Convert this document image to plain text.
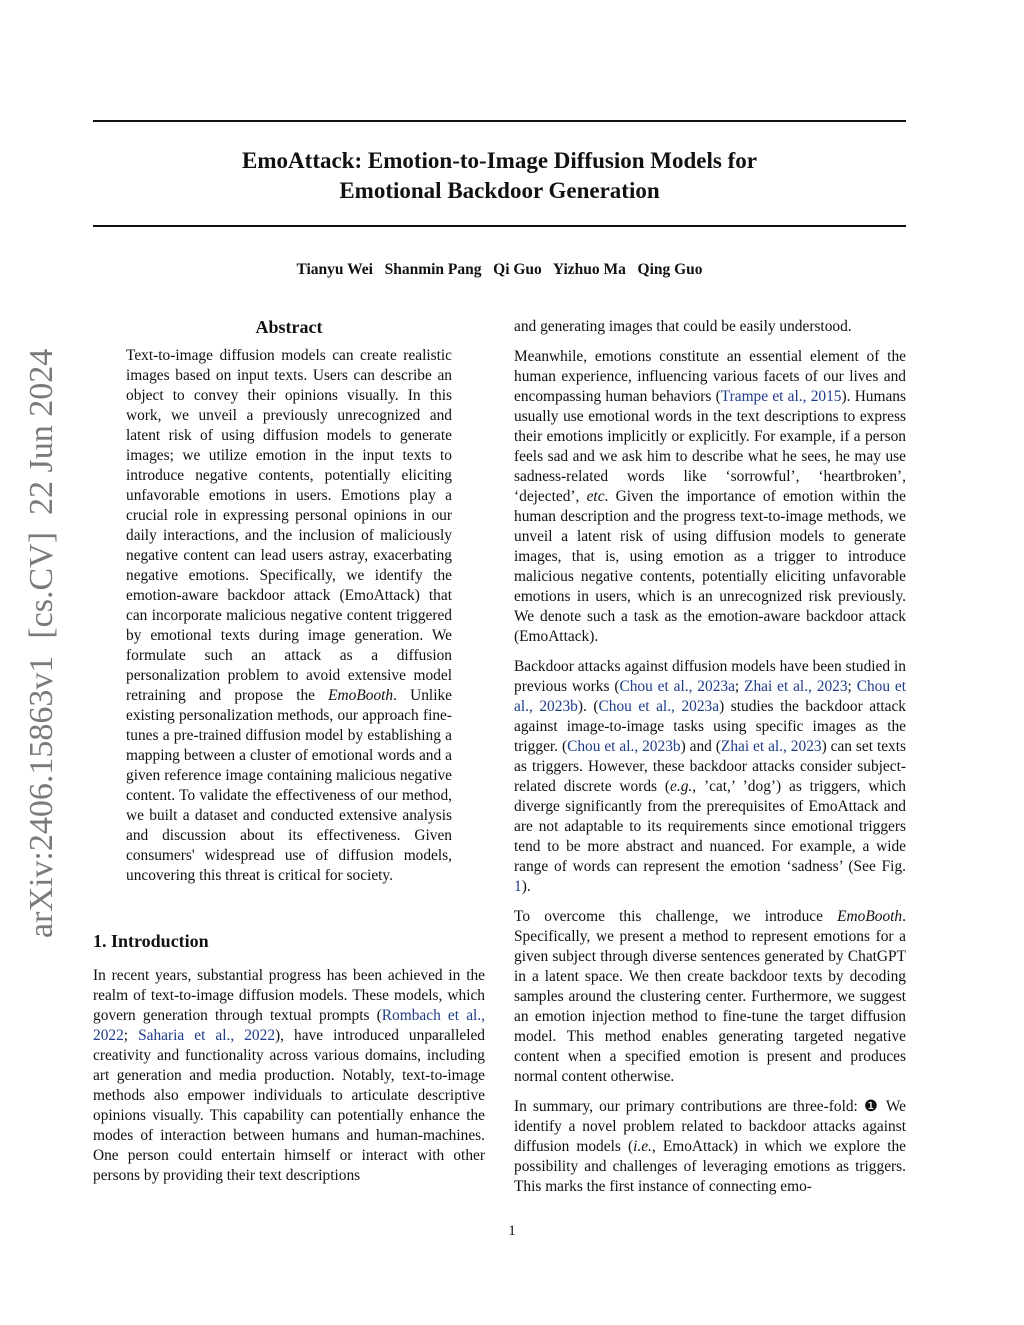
EmoAttack: Emotion-to-Image Diffusion Models for
Emotional Backdoor Generation
Tianyu Wei   Shanmin Pang   Qi Guo   Yizhuo Ma   Qing Guo
arXiv:2406.15863v1  [cs.CV]  22 Jun 2024
Abstract
Text-to-image diffusion models can create realistic images based on input texts. Users can describe an object to convey their opinions visually. In this work, we unveil a previously unrecognized and latent risk of using diffusion models to generate images; we utilize emotion in the input texts to introduce negative contents, potentially eliciting unfavorable emotions in users. Emotions play a crucial role in expressing personal opinions in our daily interactions, and the inclusion of maliciously negative content can lead users astray, exacerbating negative emotions. Specifically, we identify the emotion-aware backdoor attack (EmoAttack) that can incorporate malicious negative content triggered by emotional texts during image generation. We formulate such an attack as a diffusion personalization problem to avoid extensive model retraining and propose the EmoBooth. Unlike existing personalization methods, our approach fine-tunes a pre-trained diffusion model by establishing a mapping between a cluster of emotional words and a given reference image containing malicious negative content. To validate the effectiveness of our method, we built a dataset and conducted extensive analysis and discussion about its effectiveness. Given consumers' widespread use of diffusion models, uncovering this threat is critical for society.
1. Introduction

In recent years, substantial progress has been achieved in the realm of text-to-image diffusion models. These models, which govern generation through textual prompts (Rombach et al., 2022; Saharia et al., 2022), have introduced unparalleled creativity and functionality across various domains, including art generation and media production. Notably, text-to-image methods also empower individuals to articulate descriptive opinions visually. This capability can potentially enhance the modes of interaction between humans and human-machines. One person could entertain himself or interact with other persons by providing their text descriptions

and generating images that could be easily understood.

Meanwhile, emotions constitute an essential element of the human experience, influencing various facets of our lives and encompassing human behaviors (Trampe et al., 2015). Humans usually use emotional words in the text descriptions to express their emotions implicitly or explicitly. For example, if a person feels sad and we ask him to describe what he sees, he may use sadness-related words like ‘sorrowful’, ‘heartbroken’, ‘dejected’, etc. Given the importance of emotion within the human description and the progress text-to-image methods, we unveil a latent risk of using diffusion models to generate images, that is, using emotion as a trigger to introduce malicious negative contents, potentially eliciting unfavorable emotions in users, which is an unrecognized risk previously. We denote such a task as the emotion-aware backdoor attack (EmoAttack).

Backdoor attacks against diffusion models have been studied in previous works (Chou et al., 2023a; Zhai et al., 2023; Chou et al., 2023b). (Chou et al., 2023a) studies the backdoor attack against image-to-image tasks using specific images as the trigger. (Chou et al., 2023b) and (Zhai et al., 2023) can set texts as triggers. However, these backdoor attacks consider subject-related discrete words (e.g., ’cat,’ ’dog’) as triggers, which diverge significantly from the prerequisites of EmoAttack and are not adaptable to its requirements since emotional triggers tend to be more abstract and nuanced. For example, a wide range of words can represent the emotion ‘sadness’ (See Fig. 1).

To overcome this challenge, we introduce EmoBooth. Specifically, we present a method to represent emotions for a given subject through diverse sentences generated by ChatGPT in a latent space. We then create backdoor texts by decoding samples around the clustering center. Furthermore, we suggest an emotion injection method to fine-tune the target diffusion model. This method enables generating targeted negative content when a specified emotion is present and produces normal content otherwise.

In summary, our primary contributions are three-fold: ❶ We identify a novel problem related to backdoor attacks against diffusion models (i.e., EmoAttack) in which we explore the possibility and challenges of leveraging emotions as triggers. This marks the first instance of connecting emo-

1
